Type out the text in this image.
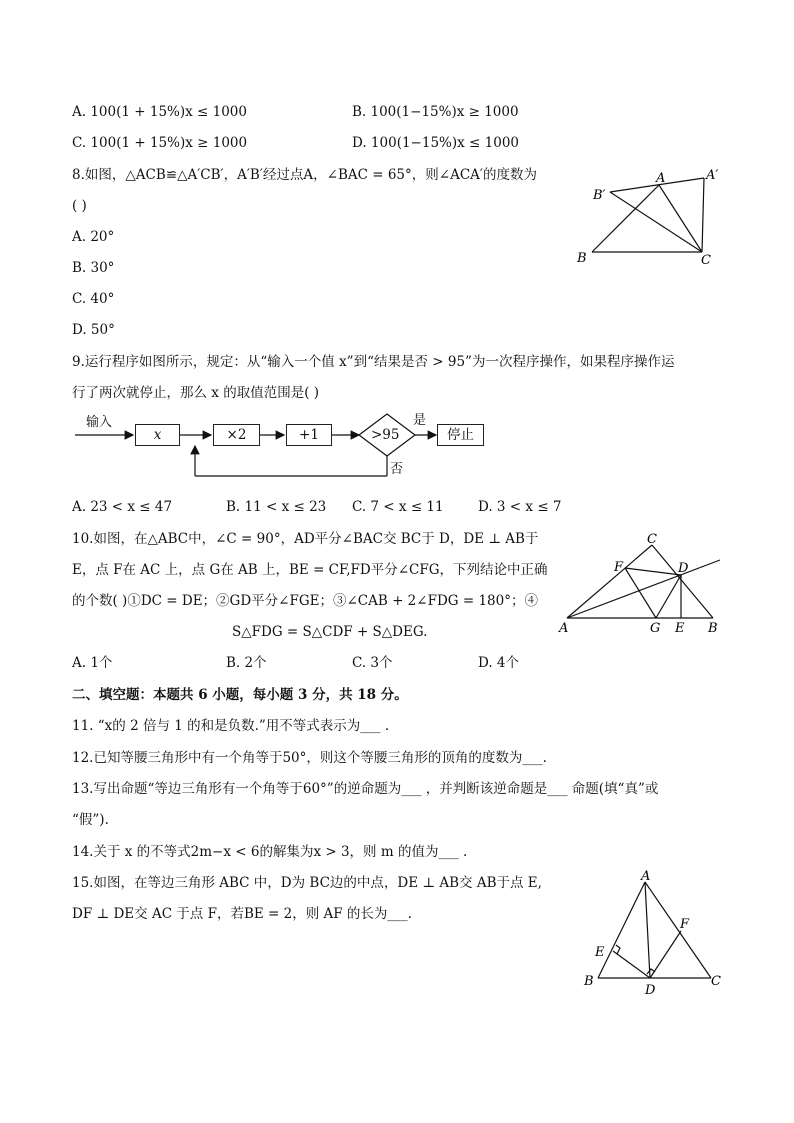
A. 100(1 + 15%)x ≤ 1000	B. 100(1−15%)x ≥ 1000
C. 100(1 + 15%)x ≥ 1000	D. 100(1−15%)x ≤ 1000
8.如图，△ACB≌△A′CB′，A′B′经过点A，∠BAC = 65°，则∠ACA′的度数为
( )
A. 20°
B. 30°
C. 40°
D. 50°
B′
A	A′
B	C
9.运行程序如图所示，规定：从“输入一个值 x”到“结果是否 > 95”为一次程序操作，如果程序操作运
行了两次就停止，那么 x 的取值范围是( )
输入
x	×2	+1	>95
是
否
停止
A. 23 < x ≤ 47	B. 11 < x ≤ 23 C. 7 < x ≤ 11	D. 3 < x ≤ 7
10.如图，在△ABC中，∠C = 90°，AD平分∠BAC交 BC于 D，DE ⊥ AB于
E，点 F在 AC 上，点 G在 AB 上，BE = CF,FD平分∠CFG，下列结论中正确
的个数( )①DC = DE；②GD平分∠FGE；③∠CAB + 2∠FDG = 180°；④
S△FDG = S△CDF + S△DEG.
C
F	D
A	G E B
A. 1个	B. 2个	C. 3个	D. 4个
二、填空题：本题共 6 小题，每小题 3 分，共 18 分。
11. “x的 2 倍与 1 的和是负数.”用不等式表示为___ .
12.已知等腰三角形中有一个角等于50°，则这个等腰三角形的顶角的度数为___.
13.写出命题“等边三角形有一个角等于60°”的逆命题为___ ，并判断该逆命题是___ 命题(填“真”或
“假”).
14.关于 x 的不等式2m−x < 6的解集为x > 3，则 m 的值为___ .
15.如图，在等边三角形 ABC 中，D为 BC边的中点，DE ⊥ AB交 AB于点 E,
DF ⊥ DE交 AC 于点 F，若BE = 2，则 AF 的长为___.
A
E
F
B
D
C
